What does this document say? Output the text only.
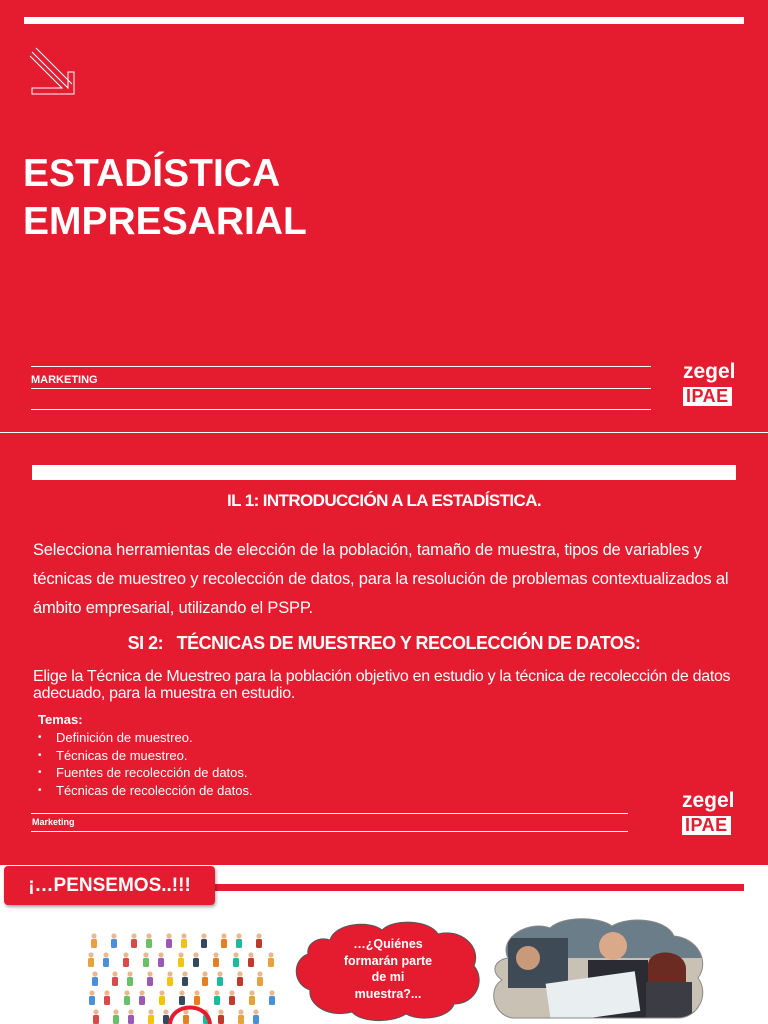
ESTADÍSTICA
EMPRESARIAL
MARKETING	zegel
IPAE
IL 1: INTRODUCCIÓN A LA ESTADÍSTICA.

Selecciona herramientas de elección de la población, tamaño de muestra, tipos de variables y técnicas de muestreo y recolección de datos, para la resolución de problemas contextualizados al ámbito empresarial, utilizando el PSPP.

SI 2:   TÉCNICAS DE MUESTREO Y RECOLECCIÓN DE DATOS:

Elige la Técnica de Muestreo para la población objetivo en estudio y la técnica de recolección de datos adecuado, para la muestra en estudio.

Temas:
• Definición de muestreo.
• Técnicas de muestreo.
• Fuentes de recolección de datos.
• Técnicas de recolección de datos.
Marketing
zegel
IPAE
¡…PENSEMOS..!!!
…¿Quiénes
formarán parte
de mi
muestra?...
